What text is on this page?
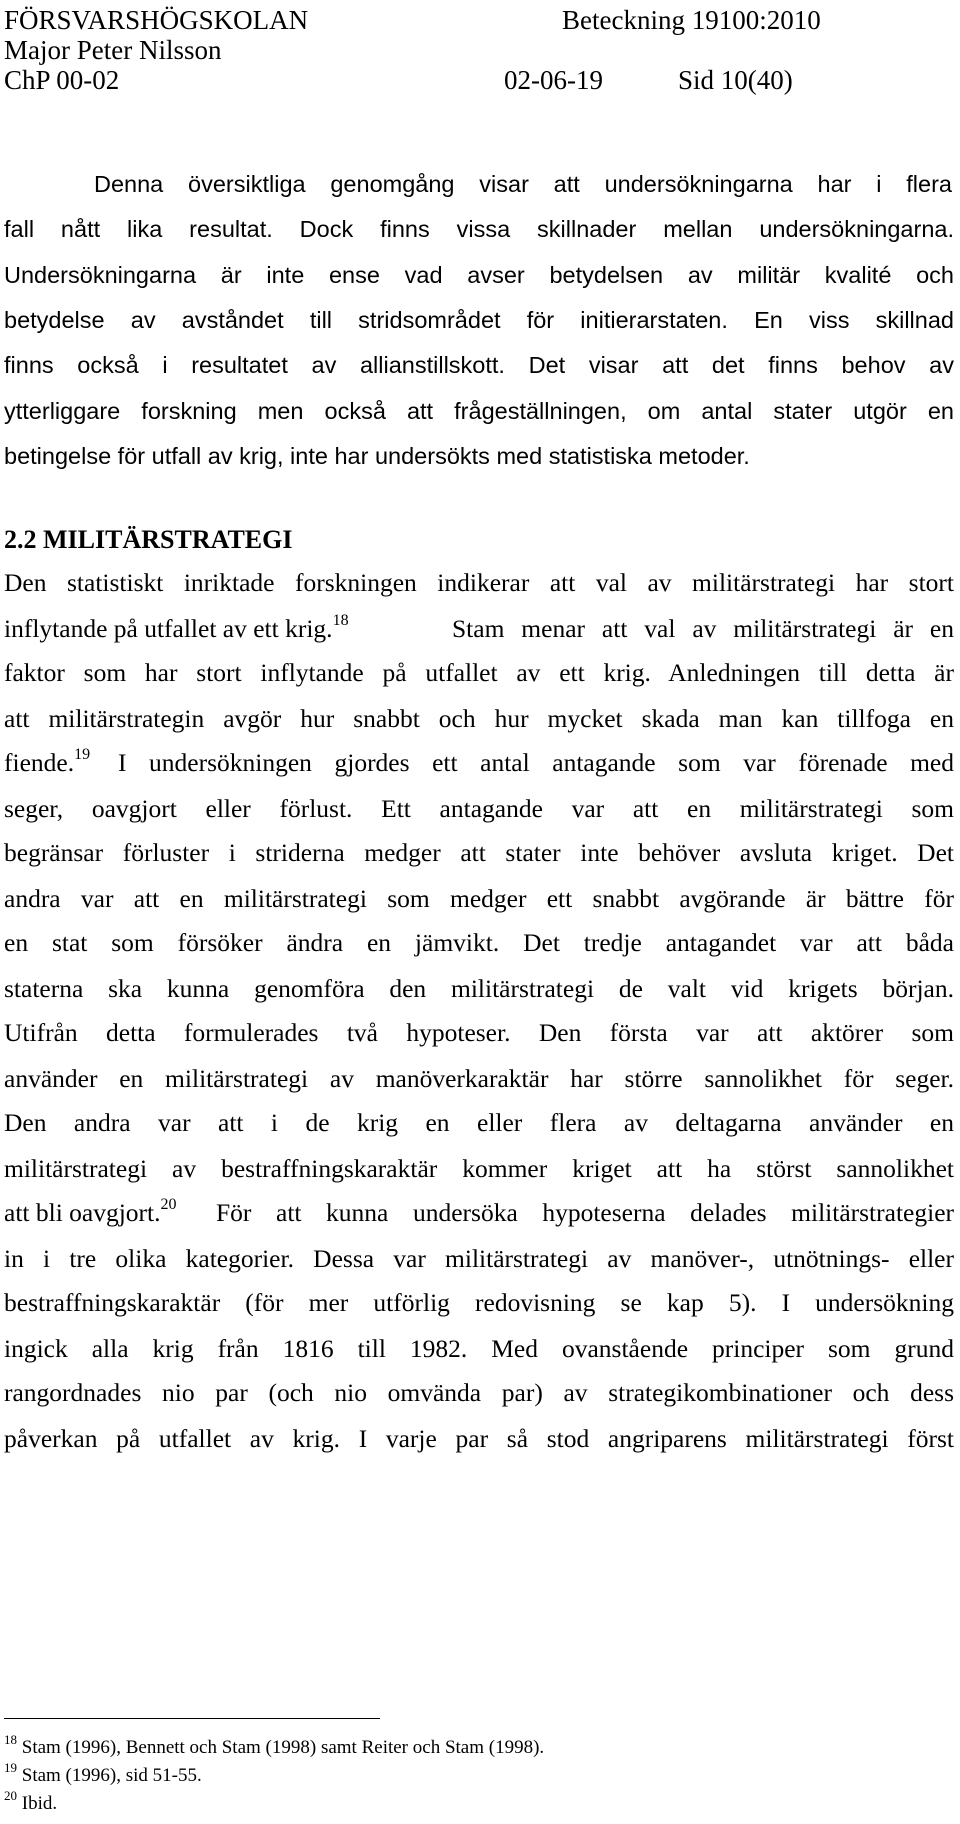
FÖRSVARSHÖGSKOLAN	Beteckning 19100:2010
Major Peter Nilsson
ChP 00-02	02-06-19	Sid 10(40)
Denna översiktliga genomgång visar att undersökningarna har i flera
fall nått lika resultat. Dock finns vissa skillnader mellan undersökningarna.
Undersökningarna är inte ense vad avser betydelsen av militär kvalité och
betydelse av avståndet till stridsområdet för initierarstaten. En viss skillnad
finns också i resultatet av allianstillskott. Det visar att det finns behov av
ytterliggare forskning men också att frågeställningen, om antal stater utgör en
betingelse för utfall av krig, inte har undersökts med statistiska metoder.
2.2 MILITÄRSTRATEGI
Den statistiskt inriktade forskningen indikerar att val av militärstrategi har stort
inflytande på utfallet av ett krig.$^{18}$	Stam menar att val av militärstrategi är en
faktor som har stort inflytande på utfallet av ett krig. Anledningen till detta är
att militärstrategin avgör hur snabbt och hur mycket skada man kan tillfoga en
fiende.$^{19}$ I undersökningen gjordes ett antal antagande som var förenade med
seger, oavgjort eller förlust. Ett antagande var att en militärstrategi som
begränsar förluster i striderna medger att stater inte behöver avsluta kriget. Det
andra var att en militärstrategi som medger ett snabbt avgörande är bättre för
en stat som försöker ändra en jämvikt. Det tredje antagandet var att båda
staterna ska kunna genomföra den militärstrategi de valt vid krigets början.
Utifrån detta formulerades två hypoteser. Den första var att aktörer som
använder en militärstrategi av manöverkaraktär har större sannolikhet för seger.
Den andra var att i de krig en eller flera av deltagarna använder en
militärstrategi av bestraffningskaraktär kommer kriget att ha störst sannolikhet
att bli oavgjort.$^{20}$ För att kunna undersöka hypoteserna delades militärstrategier
in i tre olika kategorier. Dessa var militärstrategi av manöver-, utnötnings- eller
bestraffningskaraktär (för mer utförlig redovisning se kap 5). I undersökning
ingick alla krig från 1816 till 1982. Med ovanstående principer som grund
rangordnades nio par (och nio omvända par) av strategikombinationer och dess
påverkan på utfallet av krig. I varje par så stod angriparens militärstrategi först
$^{18}$ Stam (1996), Bennett och Stam (1998) samt Reiter och Stam (1998).
$^{19}$ Stam (1996), sid 51-55.
$^{20}$ Ibid.
